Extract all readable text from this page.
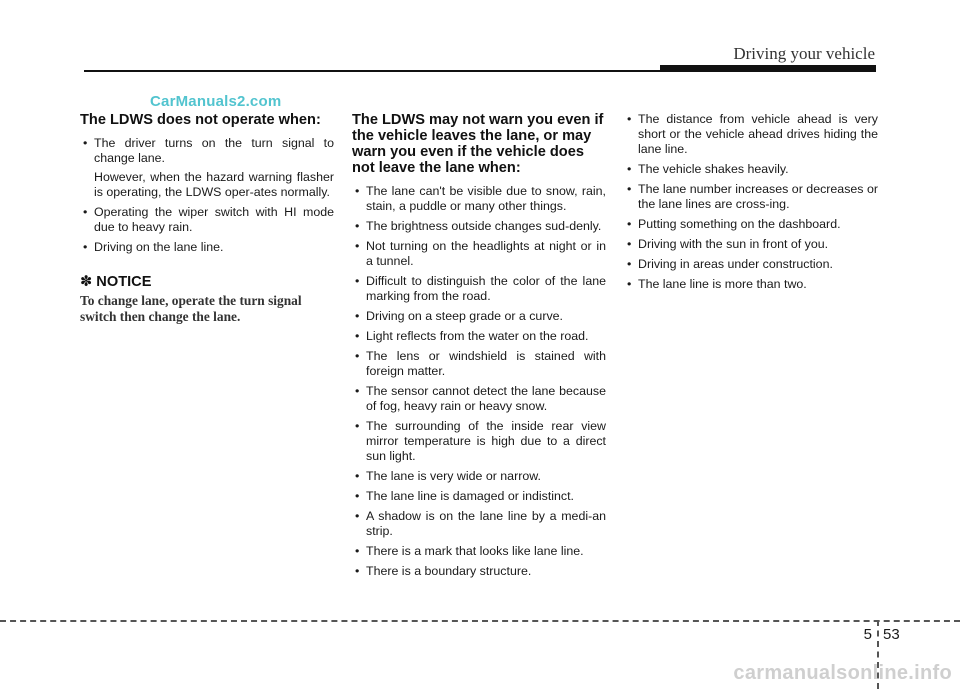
Driving your vehicle
CarManuals2.com
The LDWS does not operate when:
• The driver turns on the turn signal to change lane.

However, when the hazard warning flasher is operating, the LDWS oper-ates normally.

• Operating the wiper switch with HI mode due to heavy rain.

• Driving on the lane line.

✽ NOTICE
To change lane, operate the turn signal switch then change the lane.
The LDWS may not warn you even if the vehicle leaves the lane, or may warn you even if the vehicle does not leave the lane when:
• The lane can't be visible due to snow, rain, stain, a puddle or many other things.
• The brightness outside changes sud-denly.
• Not turning on the headlights at night or in a tunnel.
• Difficult to distinguish the color of the lane marking from the road.
• Driving on a steep grade or a curve.
• Light reflects from the water on the road.
• The lens or windshield is stained with foreign matter.
• The sensor cannot detect the lane because of fog, heavy rain or heavy snow.
• The surrounding of the inside rear view mirror temperature is high due to a direct sun light.
• The lane is very wide or narrow.
• The lane line is damaged or indistinct.
• A shadow is on the lane line by a medi-an strip.
• There is a mark that looks like lane line.
• There is a boundary structure.
• The distance from vehicle ahead is very short or the vehicle ahead drives hiding the lane line.
• The vehicle shakes heavily.
• The lane number increases or decreases or the lane lines are cross-ing.
• Putting something on the dashboard.
• Driving with the sun in front of you.
• Driving in areas under construction.
• The lane line is more than two.
5 53
carmanualsonline.info
